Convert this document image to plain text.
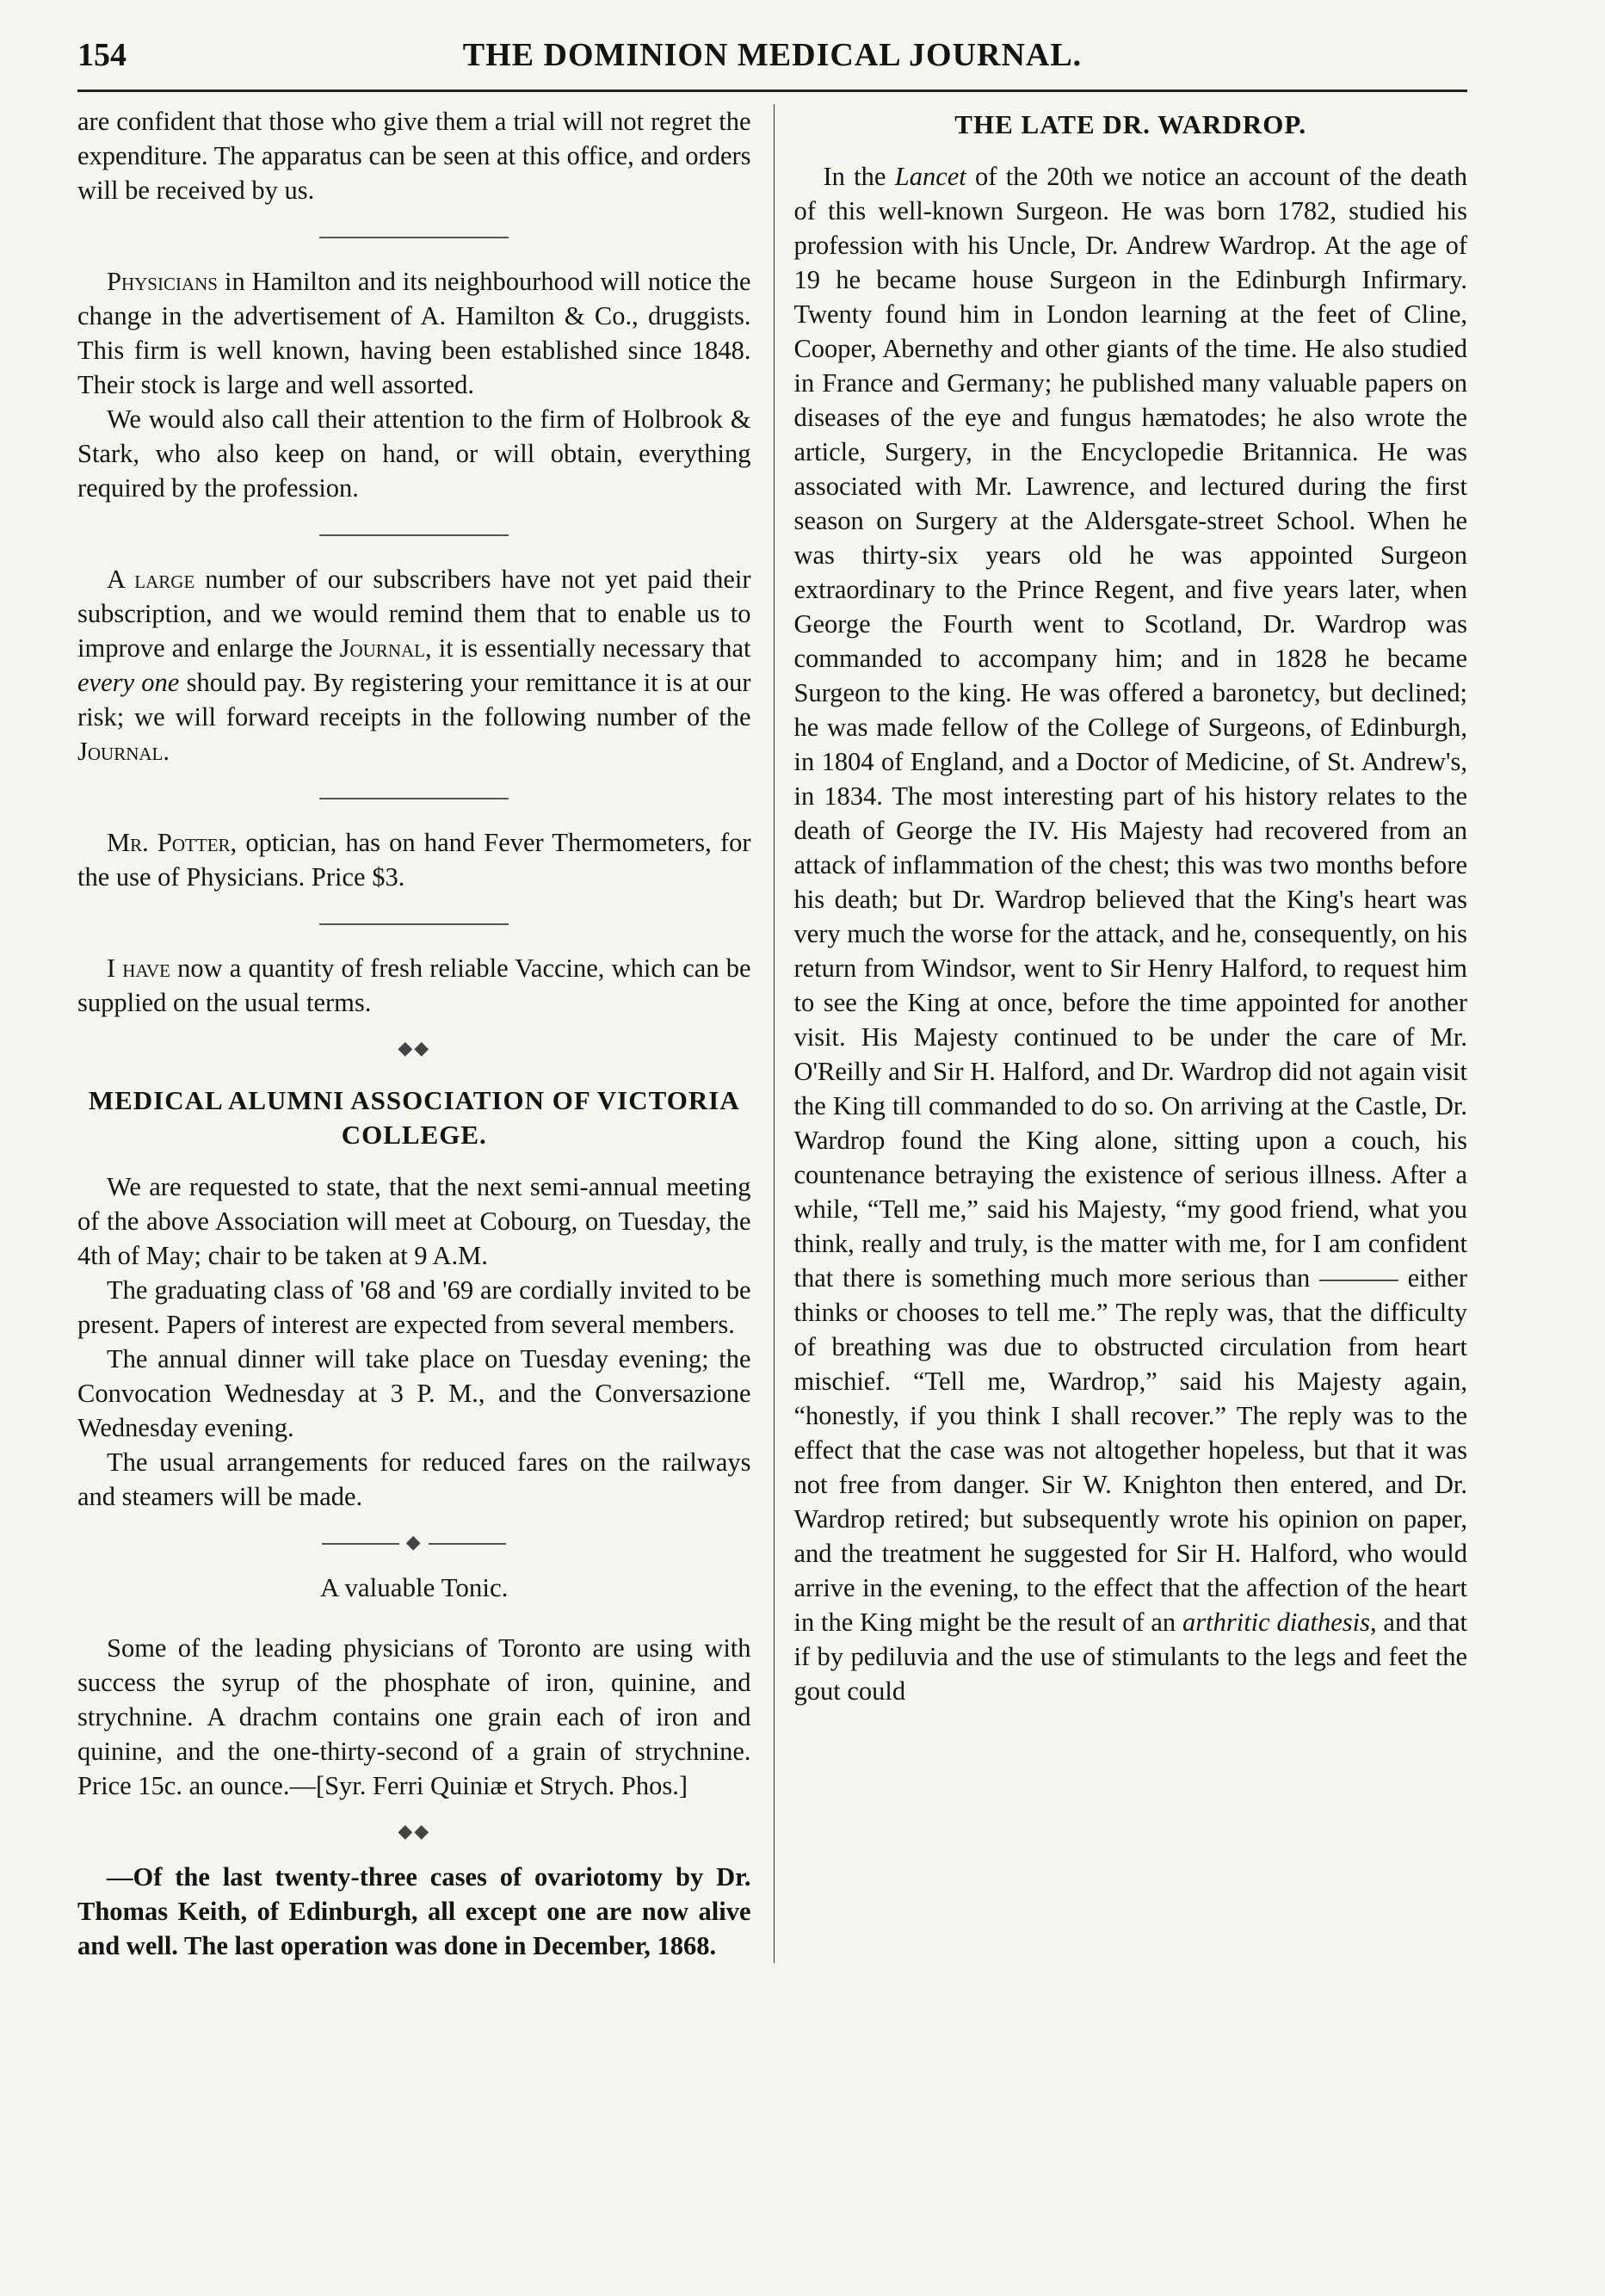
154	THE DOMINION MEDICAL JOURNAL.

are confident that those who give them a trial will not regret the expenditure. The apparatus can be seen at this office, and orders will be received by us.

Physicians in Hamilton and its neighbourhood will notice the change in the advertisement of A. Hamilton & Co., druggists. This firm is well known, having been established since 1848. Their stock is large and well assorted.

We would also call their attention to the firm of Holbrook & Stark, who also keep on hand, or will obtain, everything required by the profession.

A large number of our subscribers have not yet paid their subscription, and we would remind them that to enable us to improve and enlarge the Journal, it is essentially necessary that every one should pay. By registering your remittance it is at our risk; we will forward receipts in the following number of the Journal.

Mr. Potter, optician, has on hand Fever Thermometers, for the use of Physicians. Price $3.

I have now a quantity of fresh reliable Vaccine, which can be supplied on the usual terms.

◆◆
MEDICAL ALUMNI ASSOCIATION OF VICTORIA COLLEGE.

We are requested to state, that the next semi-annual meeting of the above Association will meet at Cobourg, on Tuesday, the 4th of May; chair to be taken at 9 A.M.

The graduating class of '68 and '69 are cordially invited to be present. Papers of interest are expected from several members.

The annual dinner will take place on Tuesday evening; the Convocation Wednesday at 3 P. M., and the Conversazione Wednesday evening.

The usual arrangements for reduced fares on the railways and steamers will be made.

◆
A valuable Tonic.

Some of the leading physicians of Toronto are using with success the syrup of the phosphate of iron, quinine, and strychnine. A drachm contains one grain each of iron and quinine, and the one-thirty-second of a grain of strychnine. Price 15c. an ounce.—[Syr. Ferri Quiniæ et Strych. Phos.]

◆◆

—Of the last twenty-three cases of ovariotomy by Dr. Thomas Keith, of Edinburgh, all except one are now alive and well. The last operation was done in December, 1868.

THE LATE DR. WARDROP.

In the Lancet of the 20th we notice an account of the death of this well-known Surgeon. He was born 1782, studied his profession with his Uncle, Dr. Andrew Wardrop. At the age of 19 he became house Surgeon in the Edinburgh Infirmary. Twenty found him in London learning at the feet of Cline, Cooper, Abernethy and other giants of the time. He also studied in France and Germany; he published many valuable papers on diseases of the eye and fungus hæmatodes; he also wrote the article, Surgery, in the Encyclopedie Britannica. He was associated with Mr. Lawrence, and lectured during the first season on Surgery at the Aldersgate-street School. When he was thirty-six years old he was appointed Surgeon extraordinary to the Prince Regent, and five years later, when George the Fourth went to Scotland, Dr. Wardrop was commanded to accompany him; and in 1828 he became Surgeon to the king. He was offered a baronetcy, but declined; he was made fellow of the College of Surgeons, of Edinburgh, in 1804 of England, and a Doctor of Medicine, of St. Andrew's, in 1834. The most interesting part of his history relates to the death of George the IV. His Majesty had recovered from an attack of inflammation of the chest; this was two months before his death; but Dr. Wardrop believed that the King's heart was very much the worse for the attack, and he, consequently, on his return from Windsor, went to Sir Henry Halford, to request him to see the King at once, before the time appointed for another visit. His Majesty continued to be under the care of Mr. O'Reilly and Sir H. Halford, and Dr. Wardrop did not again visit the King till commanded to do so. On arriving at the Castle, Dr. Wardrop found the King alone, sitting upon a couch, his countenance betraying the existence of serious illness. After a while, “Tell me,” said his Majesty, “my good friend, what you think, really and truly, is the matter with me, for I am confident that there is something much more serious than ——— either thinks or chooses to tell me.” The reply was, that the difficulty of breathing was due to obstructed circulation from heart mischief. “Tell me, Wardrop,” said his Majesty again, “honestly, if you think I shall recover.” The reply was to the effect that the case was not altogether hopeless, but that it was not free from danger. Sir W. Knighton then entered, and Dr. Wardrop retired; but subsequently wrote his opinion on paper, and the treatment he suggested for Sir H. Halford, who would arrive in the evening, to the effect that the affection of the heart in the King might be the result of an arthritic diathesis, and that if by pediluvia and the use of stimulants to the legs and feet the gout could
